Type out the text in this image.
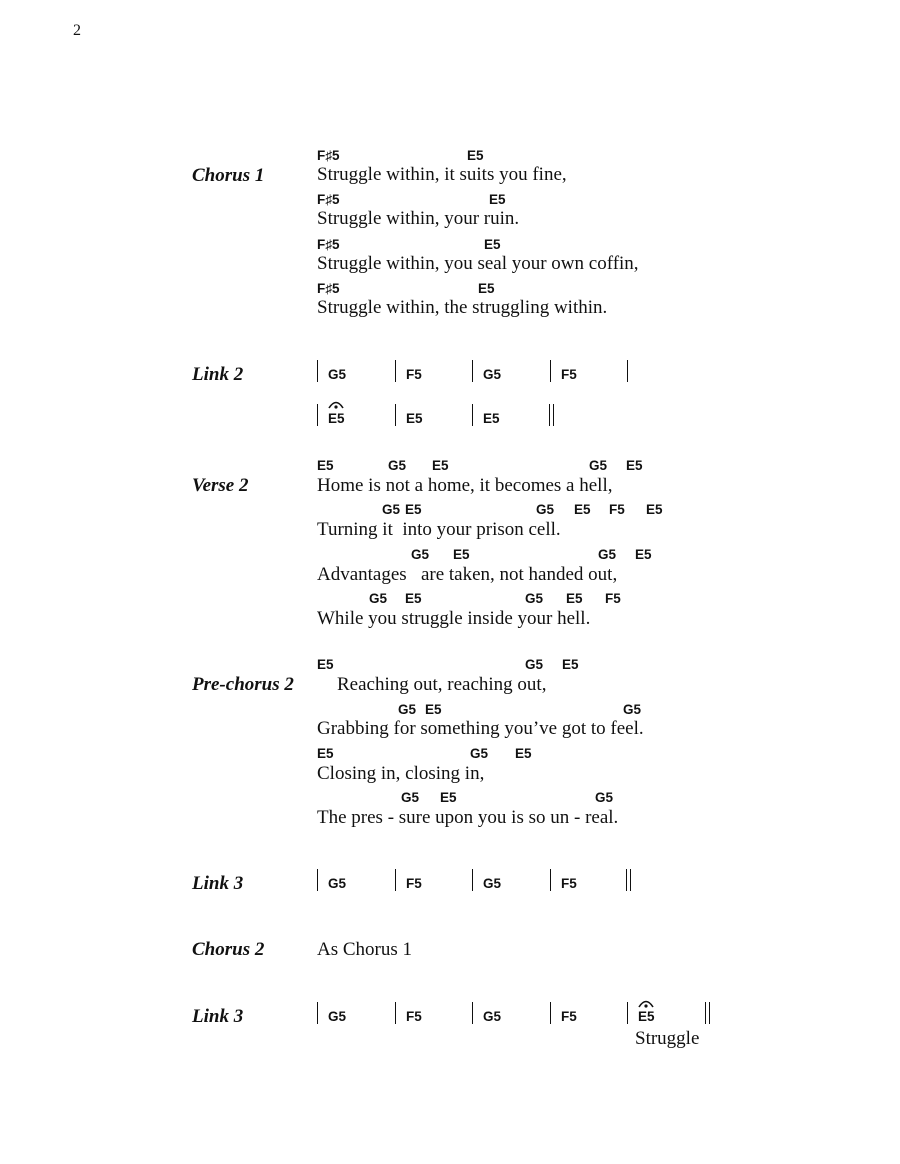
2
Chorus 1
F♯5	E5
Struggle within, it suits you fine,
F♯5	E5
Struggle within, your ruin.
F♯5	E5
Struggle within, you seal your own coffin,
F♯5	E5
Struggle within, the struggling within.
Link 2	G5	F5	G5	F5
E5	E5	E5
Verse 2
E5	G5 E5	G5 E5
Home is not a home, it becomes a hell,
G5 E5	G5 E5 F5 E5
Turning it  into your prison cell.
G5 E5	G5 E5
Advantages   are taken, not handed out,
G5 E5	G5 E5 F5
While you struggle inside your hell.
Pre-chorus 2
E5	G5 E5
Reaching out, reaching out,
G5 E5	G5
Grabbing for something you’ve got to feel.
E5	G5 E5
Closing in, closing in,
G5 E5	G5
The pres - sure upon you is so un - real.
Link 3	G5	F5	G5	F5
Chorus 2	As Chorus 1
Link 3	G5	F5	G5	F5	E5
Struggle
